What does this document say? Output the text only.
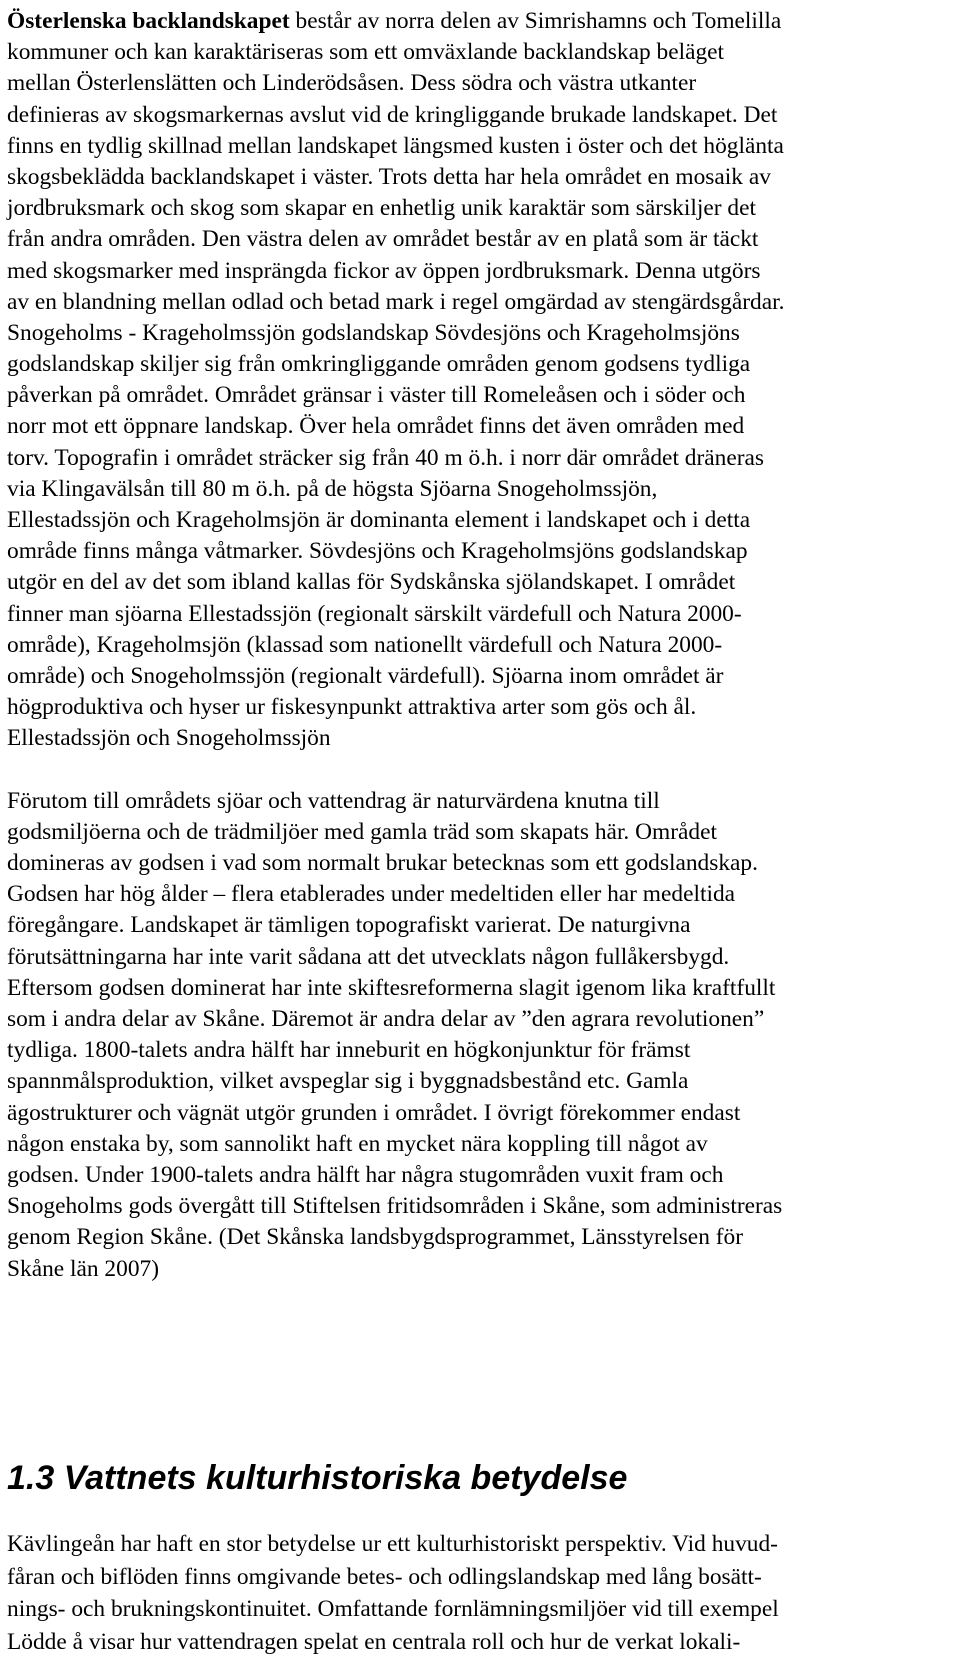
Österlenska backlandskapet består av norra delen av Simrishamns och Tomelilla
kommuner och kan karaktäriseras som ett omväxlande backlandskap beläget
mellan Österlenslätten och Linderödsåsen. Dess södra och västra utkanter
definieras av skogsmarkernas avslut vid de kringliggande brukade landskapet. Det
finns en tydlig skillnad mellan landskapet längsmed kusten i öster och det höglänta
skogsbeklädda backlandskapet i väster. Trots detta har hela området en mosaik av
jordbruksmark och skog som skapar en enhetlig unik karaktär som särskiljer det
från andra områden. Den västra delen av området består av en platå som är täckt
med skogsmarker med insprängda fickor av öppen jordbruksmark. Denna utgörs
av en blandning mellan odlad och betad mark i regel omgärdad av stengärdsgårdar.
Snogeholms - Krageholmssjön godslandskap Sövdesjöns och Krageholmsjöns
godslandskap skiljer sig från omkringliggande områden genom godsens tydliga
påverkan på området. Området gränsar i väster till Romeleåsen och i söder och
norr mot ett öppnare landskap. Över hela området finns det även områden med
torv. Topografin i området sträcker sig från 40 m ö.h. i norr där området dräneras
via Klingavälsån till 80 m ö.h. på de högsta Sjöarna Snogeholmssjön,
Ellestadssjön och Krageholmsjön är dominanta element i landskapet och i detta
område finns många våtmarker. Sövdesjöns och Krageholmsjöns godslandskap
utgör en del av det som ibland kallas för Sydskånska sjölandskapet. I området
finner man sjöarna Ellestadssjön (regionalt särskilt värdefull och Natura 2000-
område), Krageholmsjön (klassad som nationellt värdefull och Natura 2000-
område) och Snogeholmssjön (regionalt värdefull). Sjöarna inom området är
högproduktiva och hyser ur fiskesynpunkt attraktiva arter som gös och ål.
Ellestadssjön och Snogeholmssjön
Förutom till områdets sjöar och vattendrag är naturvärdena knutna till
godsmiljöerna och de trädmiljöer med gamla träd som skapats här. Området
domineras av godsen i vad som normalt brukar betecknas som ett godslandskap.
Godsen har hög ålder – flera etablerades under medeltiden eller har medeltida
föregångare. Landskapet är tämligen topografiskt varierat. De naturgivna
förutsättningarna har inte varit sådana att det utvecklats någon fullåkersbygd.
Eftersom godsen dominerat har inte skiftesreformerna slagit igenom lika kraftfullt
som i andra delar av Skåne. Däremot är andra delar av ”den agrara revolutionen”
tydliga. 1800-talets andra hälft har inneburit en högkonjunktur för främst
spannmålsproduktion, vilket avspeglar sig i byggnadsbestånd etc. Gamla
ägostrukturer och vägnät utgör grunden i området. I övrigt förekommer endast
någon enstaka by, som sannolikt haft en mycket nära koppling till något av
godsen. Under 1900-talets andra hälft har några stugområden vuxit fram och
Snogeholms gods övergått till Stiftelsen fritidsområden i Skåne, som administreras
genom Region Skåne. (Det Skånska landsbygdsprogrammet, Länsstyrelsen för
Skåne län 2007)
1.3 Vattnets kulturhistoriska betydelse
Kävlingeån har haft en stor betydelse ur ett kulturhistoriskt perspektiv. Vid huvud-
fåran och biflöden finns omgivande betes- och odlingslandskap med lång bosätt-
nings- och brukningskontinuitet. Omfattande fornlämningsmiljöer vid till exempel
Lödde å visar hur vattendragen spelat en centrala roll och hur de verkat lokali-
